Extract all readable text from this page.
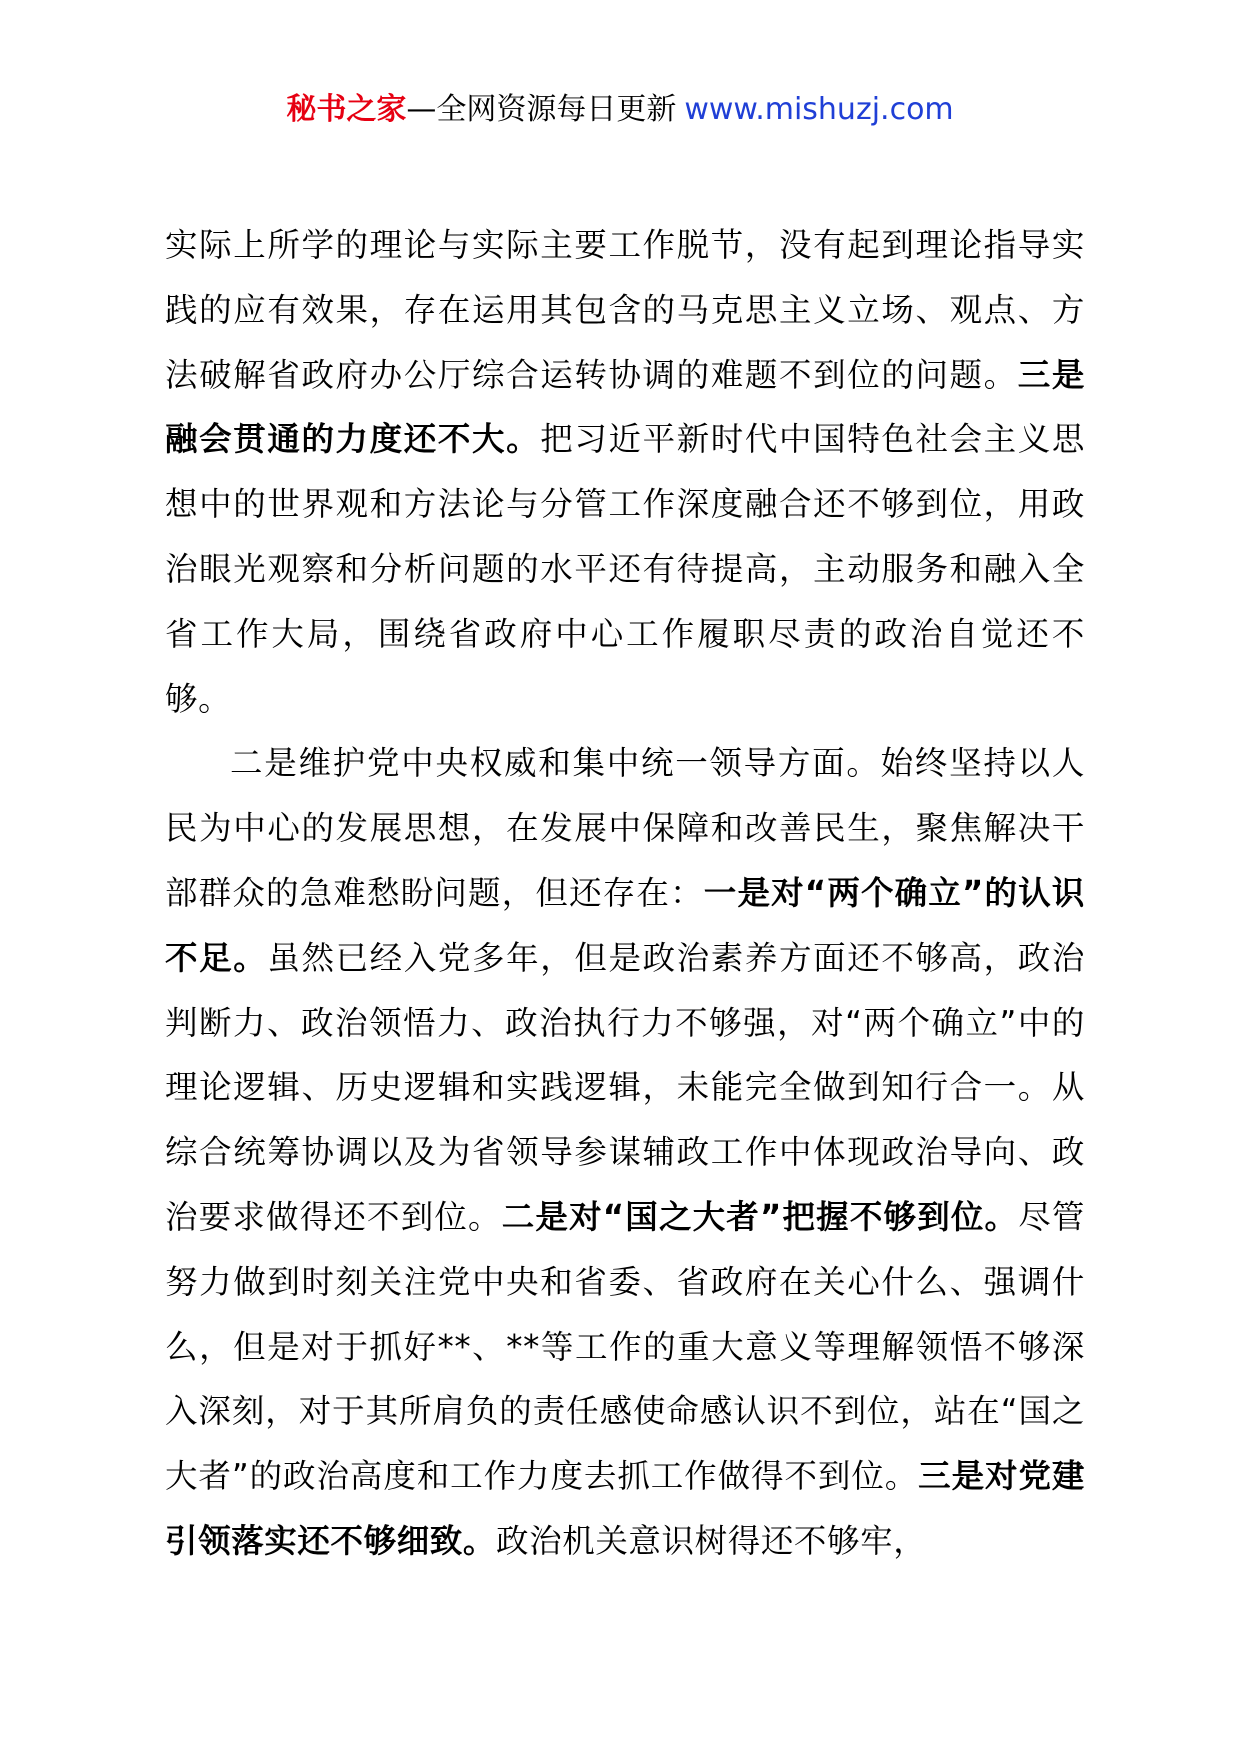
秘书之家—全网资源每日更新 www.mishuzj.com

实际上所学的理论与实际主要工作脱节，没有起到理论指导实践的应有效果，存在运用其包含的马克思主义立场、观点、方法破解省政府办公厅综合运转协调的难题不到位的问题。三是融会贯通的力度还不大。把习近平新时代中国特色社会主义思想中的世界观和方法论与分管工作深度融合还不够到位，用政治眼光观察和分析问题的水平还有待提高，主动服务和融入全省工作大局，围绕省政府中心工作履职尽责的政治自觉还不够。

二是维护党中央权威和集中统一领导方面。始终坚持以人民为中心的发展思想，在发展中保障和改善民生，聚焦解决干部群众的急难愁盼问题，但还存在：一是对“两个确立”的认识不足。虽然已经入党多年，但是政治素养方面还不够高，政治判断力、政治领悟力、政治执行力不够强，对“两个确立”中的理论逻辑、历史逻辑和实践逻辑，未能完全做到知行合一。从综合统筹协调以及为省领导参谋辅政工作中体现政治导向、政治要求做得还不到位。二是对“国之大者”把握不够到位。尽管努力做到时刻关注党中央和省委、省政府在关心什么、强调什么，但是对于抓好**、**等工作的重大意义等理解领悟不够深入深刻，对于其所肩负的责任感使命感认识不到位，站在“国之大者”的政治高度和工作力度去抓工作做得不到位。三是对党建引领落实还不够细致。政治机关意识树得还不够牢，
